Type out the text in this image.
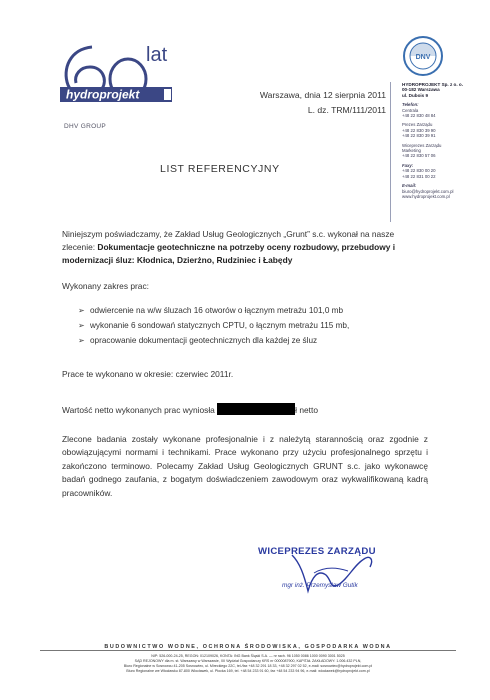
lat
hydroprojekt
DHV GROUP
Warszawa, dnia 12 sierpnia 2011
L. dz. TRM/111/2011
DNV
HYDROPROJEKT Sp. z o. o.
00-182 Warszawa
ul. Dubois 9
Telefon:
Centrala
+48 22 830 48 84
Prezes Zarządu
+48 22 830 39 90
+48 22 830 39 91
Wiceprezes Zarządu
Marketing
+48 22 830 57 06
Faxy:
+48 22 830 00 20
+48 22 831 00 22
E-mail:
biuro@hydroprojekt.com.pl
www.hydroprojekt.com.pl
LIST REFERENCYJNY
Niniejszym poświadczamy, że Zakład Usług Geologicznych „Grunt” s.c. wykonał na nasze zlecenie: Dokumentacje geotechniczne na potrzeby oceny rozbudowy, przebudowy i modernizacji śluz: Kłodnica, Dzierżno, Rudziniec i Łabędy
Wykonany zakres prac:
➢ odwiercenie na w/w śluzach 16 otworów o łącznym metrażu 101,0 mb
➢ wykonanie 6 sondowań statycznych CPTU, o łącznym metrażu 115 mb,
➢ opracowanie dokumentacji geotechnicznych dla każdej ze śluz
Prace te wykonano w okresie: czerwiec 2011r.
Wartość netto wykonanych prac wyniosła	ł netto
Zlecone badania zostały wykonane profesjonalnie i z należytą starannością oraz zgodnie z obowiązującymi normami i technikami. Prace wykonano przy użyciu profesjonalnego sprzętu i zakończono terminowo. Polecamy Zakład Usług Geologicznych GRUNT s.c. jako wykonawcę badań godnego zaufania, z bogatym doświadczeniem zawodowym oraz wykwalifikowaną kadrą pracowników.
WICEPREZES ZARZĄDU
mgr inż. Przemysław Gutik
BUDOWNICTWO WODNE, OCHRONA ŚRODOWISKA, GOSPODARKA WODNA
NIP: 526-000-24-25, REGON: 012109026, KONTA: ING Bank Śląski S.A. — nr rach. 96 1050 0086 1000 0090 3001 5025
SĄD REJONOWY dla m. st. Warszawy w Warszawie, XII Wydział Gospodarczy KRS nr 0000087900, KAPITAŁ ZAKŁADOWY: 1.006.432 PLN,
Biuro Regionalne w Sosnowcu 41-205 Sosnowiec, ul. Mireckiego 22C, tel./fax +48 32 291 18 33, +48 32 297 02 52, e-mail: sosnowiec@hydroprojekt.com.pl
Biuro Regionalne we Włocławku 87-800 Włocławek, ul. Płocka 169, tel. +48 54 233 91 60, fax +48 54 233 94 96, e-mail: wloclawek@hydroprojekt.com.pl
